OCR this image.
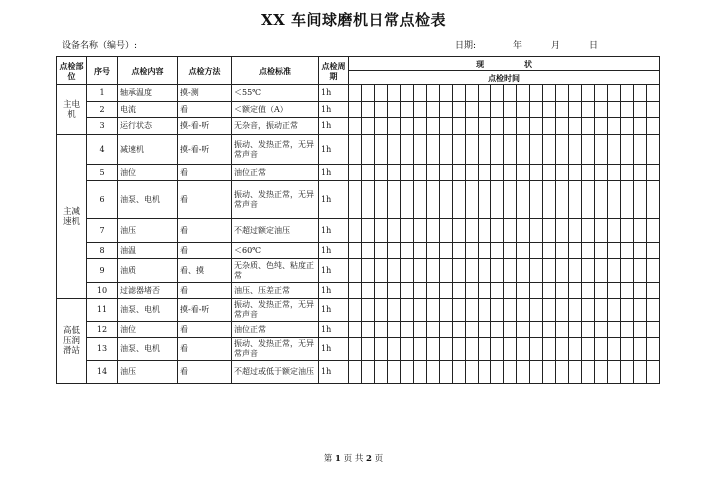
XX 车间球磨机日常点检表
设备名称（编号）:	日期:	年	月	日
点检部位	序号	点检内容	点检方法	点检标准	点检周期	现　　　　　状																							
						点检时间																							
主电机	1	轴承温度	摸-测	＜55℃	1h																								
	2	电流	看	＜额定值（A）	1h																								
	3	运行状态	摸-看-听	无杂音，振动正常	1h																								
主减速机	4	减速机	摸-看-听	振动、发热正常，无异常声音	1h																								
	5	油位	看	油位正常	1h																								
	6	油泵、电机	看	振动、发热正常，无异常声音	1h																								
	7	油压	看	不超过额定油压	1h																								
	8	油温	看	＜60℃	1h																								
	9	油质	看、摸	无杂质、色纯、粘度正常	1h																								
	10	过滤器堵否	看	油压、压差正常	1h																								
高低压润滑站	11	油泵、电机	摸-看-听	振动、发热正常，无异常声音	1h																								
	12	油位	看	油位正常	1h																								
	13	油泵、电机	看	振动、发热正常，无异常声音	1h																								
	14	油压	看	不超过或低于额定油压	1h																								
第 1 页 共 2 页
